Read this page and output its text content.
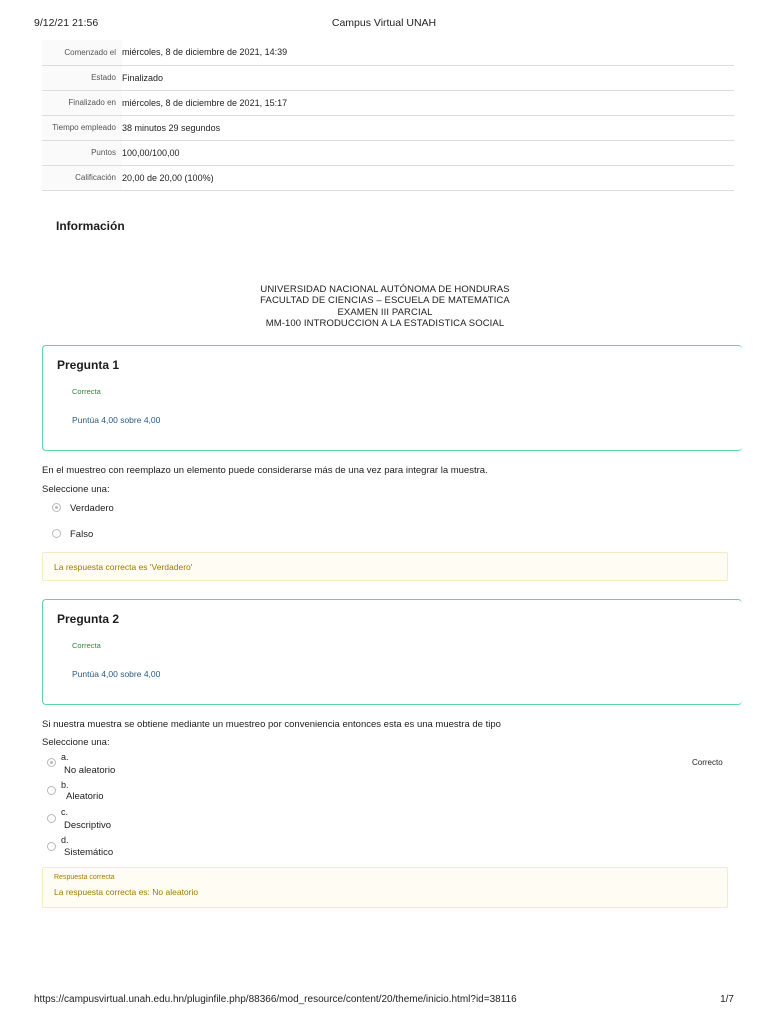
9/12/21 21:56	Campus Virtual UNAH
Comenzado el	miércoles, 8 de diciembre de 2021, 14:39
Estado	Finalizado
Finalizado en	miércoles, 8 de diciembre de 2021, 15:17
Tiempo empleado	38 minutos 29 segundos
Puntos	100,00/100,00
Calificación	20,00 de 20,00 (100%)
Información
UNIVERSIDAD NACIONAL AUTÓNOMA DE HONDURAS
FACULTAD DE CIENCIAS – ESCUELA DE MATEMATICA
EXAMEN III PARCIAL
MM-100 INTRODUCCION A LA ESTADISTICA SOCIAL
Pregunta 1
Correcta
Puntúa 4,00 sobre 4,00
En el muestreo con reemplazo un elemento puede considerarse más de una vez para integrar la muestra.
Seleccione una:
Verdadero
Falso
La respuesta correcta es 'Verdadero'
Pregunta 2
Correcta
Puntúa 4,00 sobre 4,00
Si nuestra muestra se obtiene mediante un muestreo por conveniencia entonces esta es una muestra de tipo
Seleccione una:
a.
No aleatorio
b.
Aleatorio
c.
Descriptivo
d.
Sistemático
Correcto
Respuesta correcta
La respuesta correcta es: No aleatorio
https://campusvirtual.unah.edu.hn/pluginfile.php/88366/mod_resource/content/20/theme/inicio.html?id=38116	1/7
